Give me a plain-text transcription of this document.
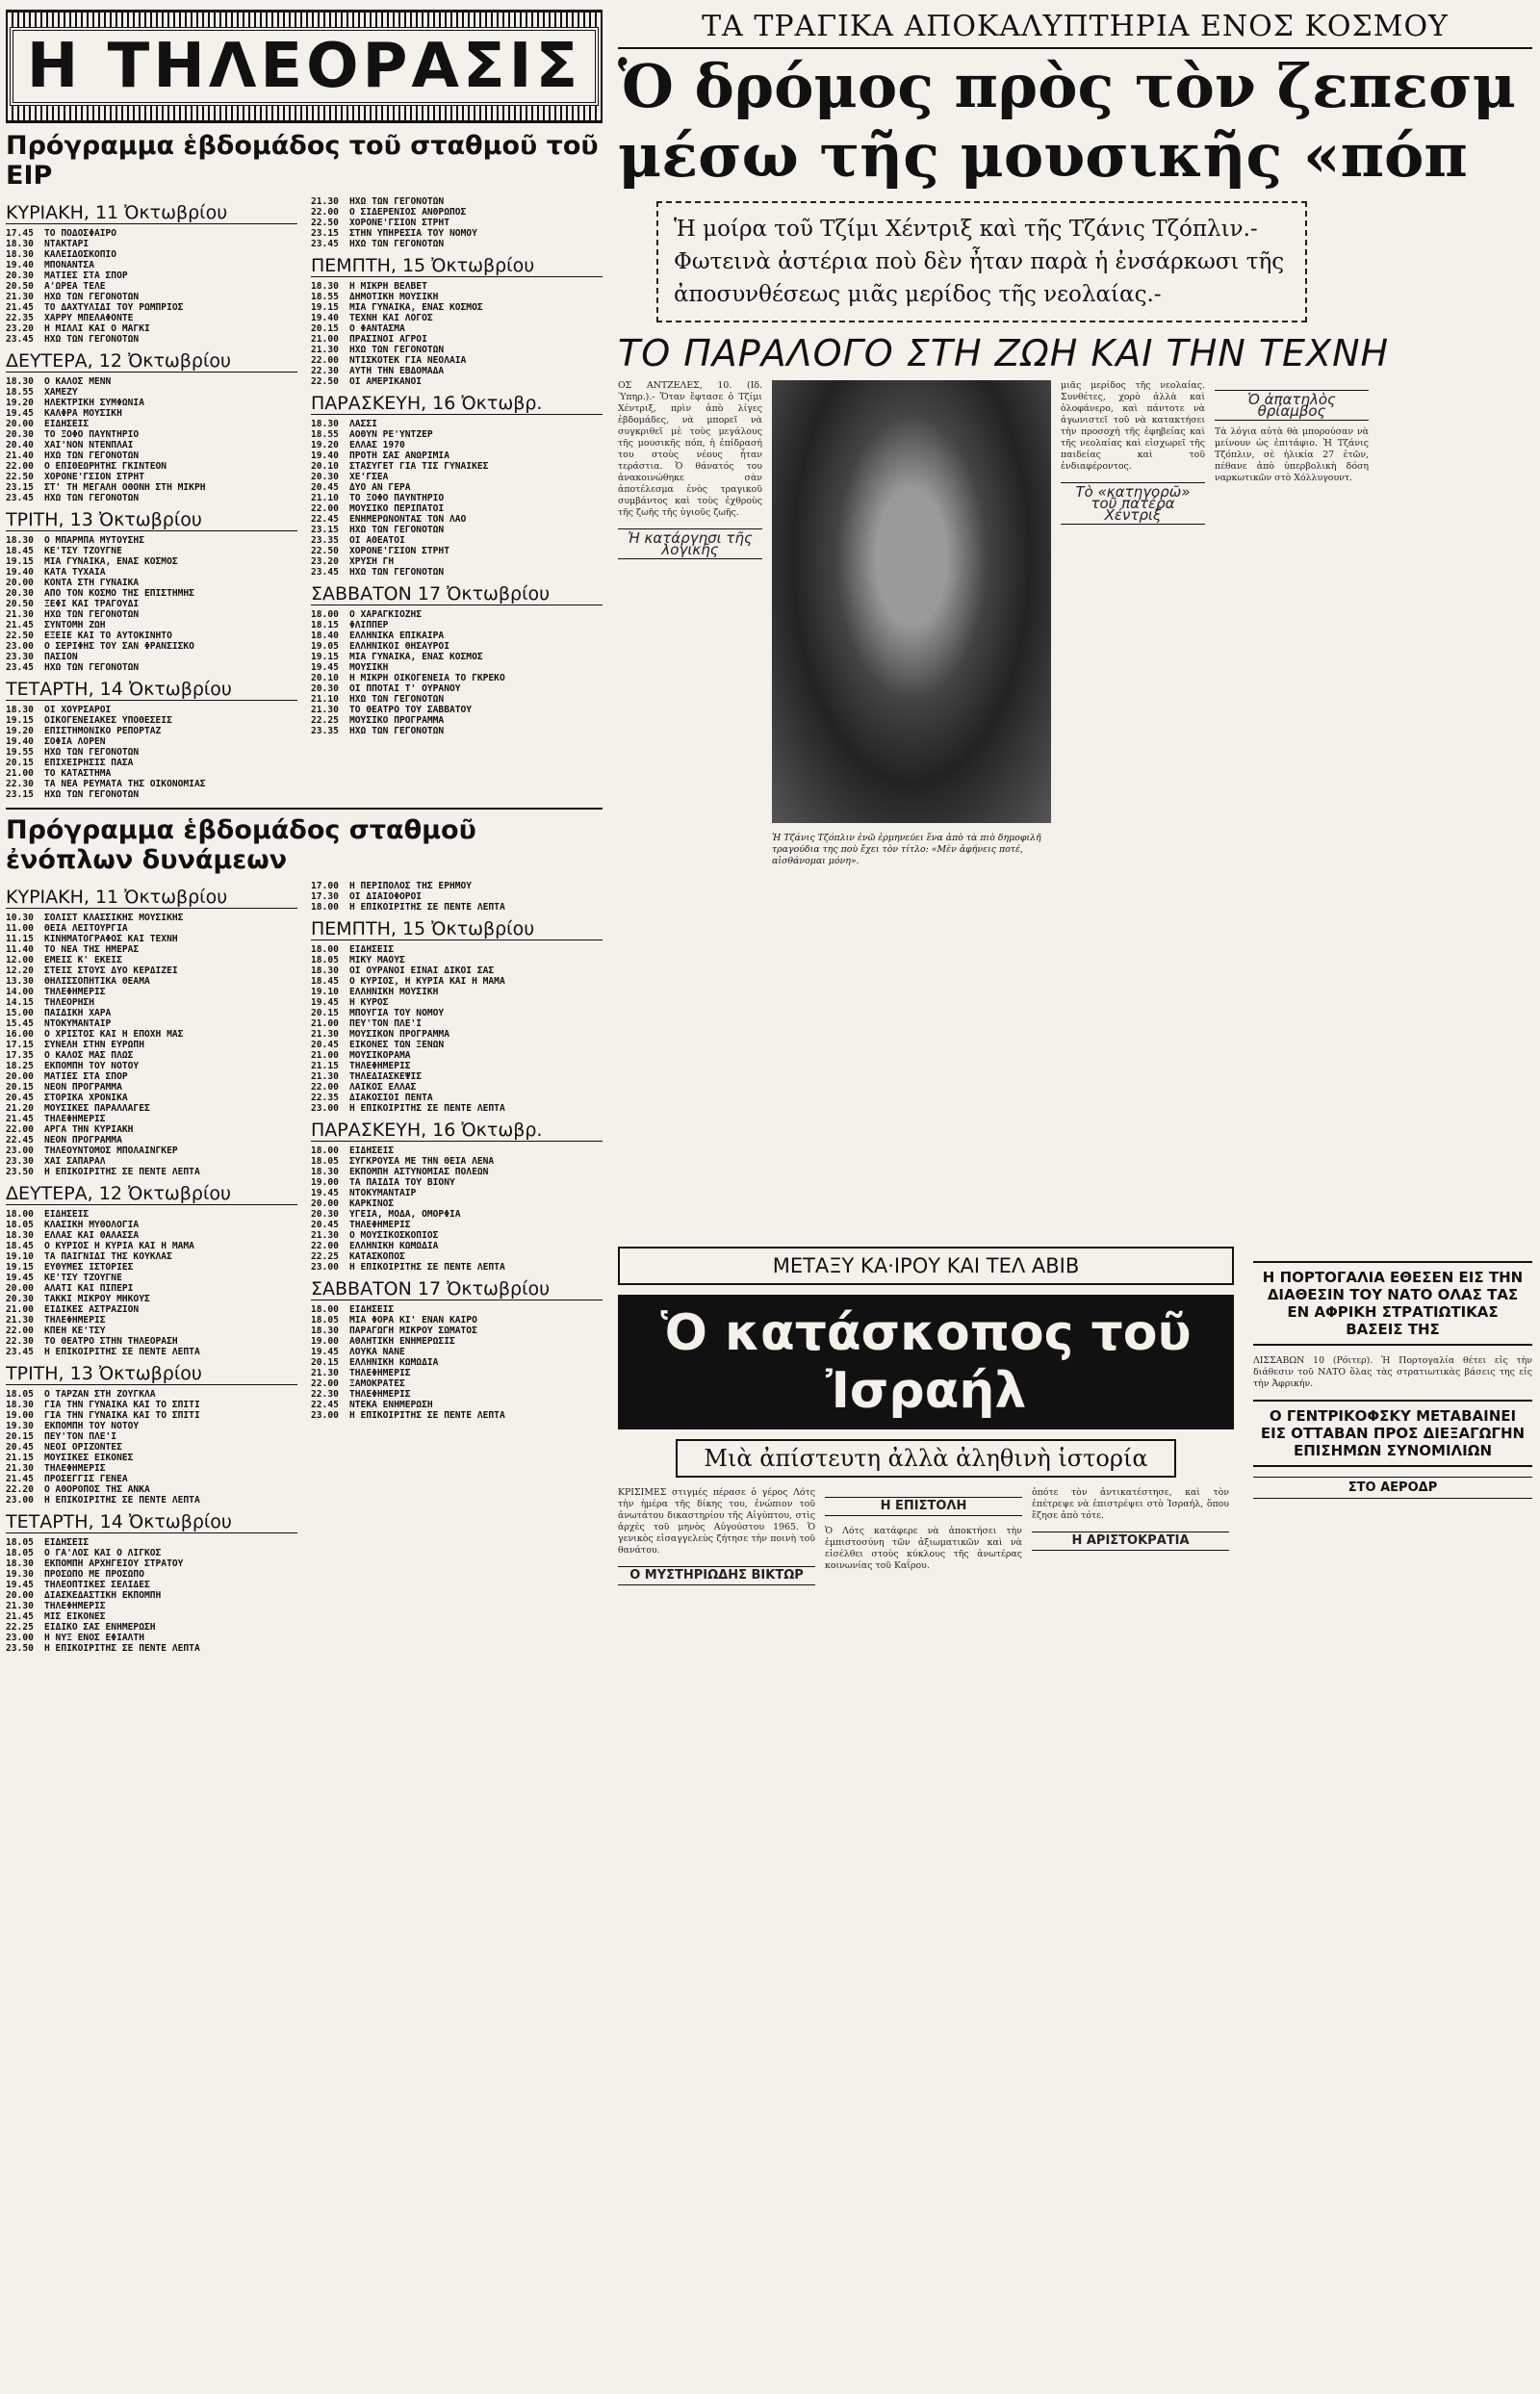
Η ΤΗΛΕΟΡΑΣΙΣ
Πρόγραμμα ἑβδομάδος τοῦ σταθμοῦ τοῦ ΕΙΡ
ΚΥΡΙΑΚΗ, 11 Ὀκτωβρίου
17.45	ΤΟ ΠΟΔΟΣΦΑΙΡΟ
18.30	ΝΤΑΚΤΑΡΙ
18.30	ΚΑΛΕΙΔΟΣΚΟΠΙΟ
19.40	ΜΠΟΝΑΝΤΣΑ
20.30	ΜΑΤΙΕΣ ΣΤΑ ΣΠΟΡ
20.50	Α'ΩΡΕΑ ΤΕΛΕ
21.30	ΗΧΩ ΤΩΝ ΓΕΓΟΝΟΤΩΝ
21.45	ΤΟ ΔΑΧΤΥΛΙΔΙ ΤΟΥ ΡΩΜΠΡΙΟΣ
22.35	ΧΑΡΡΥ ΜΠΕΛΑΦΟΝΤΕ
23.20	Η ΜΙΛΛΙ ΚΑΙ Ο ΜΑΓΚΙ
23.45	ΗΧΩ ΤΩΝ ΓΕΓΟΝΟΤΩΝ
ΔΕΥΤΕΡΑ, 12 Ὀκτωβρίου
18.30	Ο ΚΑΛΟΣ ΜΕΝΝ
18.55	ΧΑΜΕΖΥ
19.20	ΗΛΕΚΤΡΙΚΗ ΣΥΜΦΩΝΙΑ
19.45	ΚΑΛΦΡΑ ΜΟΥΣΙΚΗ
20.00	ΕΙΔΗΣΕΙΣ
20.30	ΤΟ ΞΟΦΟ ΠΑΥΝΤΗΡΙΟ
20.40	ΧΑΙ'ΝΟΝ ΝΤΕΝΠΛΑΙ
21.40	ΗΧΩ ΤΩΝ ΓΕΓΟΝΟΤΩΝ
22.00	Ο ΕΠΙΘΕΩΡΗΤΗΣ ΓΚΙΝΤΕΟΝ
22.50	ΧΟΡΟΝΕ'ΓΣΙΟΝ ΣΤΡΗΤ
23.15	ΣΤ' ΤΗ ΜΕΓΑΛΗ ΟΘΟΝΗ ΣΤΗ ΜΙΚΡΗ
23.45	ΗΧΩ ΤΩΝ ΓΕΓΟΝΟΤΩΝ
ΤΡΙΤΗ, 13 Ὀκτωβρίου
18.30	Ο ΜΠΑΡΜΠΑ ΜΥΤΟΥΣΗΣ
18.45	ΚΕ'ΤΣΥ ΤΖΟΥΓΝΕ
19.15	ΜΙΑ ΓΥΝΑΙΚΑ, ΕΝΑΣ ΚΟΣΜΟΣ
19.40	ΚΑΤΑ ΤΥΧΑΙΑ
20.00	ΚΟΝΤΑ ΣΤΗ ΓΥΝΑΙΚΑ
20.30	ΑΠΟ ΤΟΝ ΚΟΣΜΟ ΤΗΣ ΕΠΙΣΤΗΜΗΣ
20.50	ΞΕΦΙ ΚΑΙ ΤΡΑΓΟΥΔΙ
21.30	ΗΧΩ ΤΩΝ ΓΕΓΟΝΟΤΩΝ
21.45	ΣΥΝΤΟΜΗ ΖΩΗ
22.50	ΕΞΕΙΕ ΚΑΙ ΤΟ ΑΥΤΟΚΙΝΗΤΟ
23.00	Ο ΣΕΡΙΦΗΣ ΤΟΥ ΣΑΝ ΦΡΑΝΣΙΣΚΟ
23.30	ΠΑΣΙΟΝ
23.45	ΗΧΩ ΤΩΝ ΓΕΓΟΝΟΤΩΝ
ΤΕΤΑΡΤΗ, 14 Ὀκτωβρίου
18.30	ΟΙ ΧΟΥΡΣΑΡΟΙ
19.15	ΟΙΚΟΓΕΝΕΙΑΚΕΣ ΥΠΟΘΕΣΕΙΣ
19.20	ΕΠΙΣΤΗΜΟΝΙΚΟ ΡΕΠΟΡΤΑΖ
19.40	ΣΟΦΙΑ ΛΟΡΕΝ
19.55	ΗΧΩ ΤΩΝ ΓΕΓΟΝΟΤΩΝ
20.15	ΕΠΙΧΕΙΡΗΣΙΣ ΠΑΣΑ
21.00	ΤΟ ΚΑΤΑΣΤΗΜΑ
22.30	ΤΑ ΝΕΑ ΡΕΥΜΑΤΑ ΤΗΣ ΟΙΚΟΝΟΜΙΑΣ
23.15	ΗΧΩ ΤΩΝ ΓΕΓΟΝΟΤΩΝ
21.30	ΗΧΩ ΤΩΝ ΓΕΓΟΝΟΤΩΝ
22.00	Ο ΣΙΔΕΡΕΝΙΟΣ ΑΝΘΡΩΠΟΣ
22.50	ΧΟΡΟΝΕ'ΓΣΙΟΝ ΣΤΡΗΤ
23.15	ΣΤΗΝ ΥΠΗΡΕΣΙΑ ΤΟΥ ΝΟΜΟΥ
23.45	ΗΧΩ ΤΩΝ ΓΕΓΟΝΟΤΩΝ
ΠΕΜΠΤΗ, 15 Ὀκτωβρίου
18.30	Η ΜΙΚΡΗ ΒΕΛΒΕΤ
18.55	ΔΗΜΟΤΙΚΗ ΜΟΥΣΙΚΗ
19.15	ΜΙΑ ΓΥΝΑΙΚΑ, ΕΝΑΣ ΚΟΣΜΟΣ
19.40	ΤΕΧΝΗ ΚΑΙ ΛΟΓΟΣ
20.15	Ο ΦΑΝΤΑΣΜΑ
21.00	ΠΡΑΣΙΝΟΙ ΑΓΡΟΙ
21.30	ΗΧΩ ΤΩΝ ΓΕΓΟΝΟΤΩΝ
22.00	ΝΤΙΣΚΟΤΕΚ ΓΙΑ ΝΕΟΛΑΙΑ
22.30	ΑΥΤΗ ΤΗΝ ΕΒΔΟΜΑΔΑ
22.50	ΟΙ ΑΜΕΡΙΚΑΝΟΙ
ΠΑΡΑΣΚΕΥΗ, 16 Ὀκτωβρ.
18.30	ΛΑΣΣΙ
18.55	ΑΟΘΥΝ ΡΕ'ΥΝΤΖΕΡ
19.20	ΕΛΛΑΣ 1970
19.40	ΠΡΟΤΗ ΣΑΣ ΑΝΩΡΙΜΙΑ
20.10	ΣΤΑΣΥΓΕΤ ΓΙΑ ΤΙΣ ΓΥΝΑΙΚΕΣ
20.30	ΧΕ'ΓΣΕΑ
20.45	ΔΥΟ ΑΝ ΓΕΡΑ
21.10	ΤΟ ΞΟΦΟ ΠΑΥΝΤΗΡΙΟ
22.00	ΜΟΥΣΙΚΟ ΠΕΡΙΠΑΤΟΙ
22.45	ΕΝΗΜΕΡΩΝΟΝΤΑΣ ΤΟΝ ΛΑΟ
23.15	ΗΧΩ ΤΩΝ ΓΕΓΟΝΟΤΩΝ
23.35	ΟΙ ΑΘΕΑΤΟΙ
22.50	ΧΟΡΟΝΕ'ΓΣΙΟΝ ΣΤΡΗΤ
23.20	ΧΡΥΣΗ ΓΗ
23.45	ΗΧΩ ΤΩΝ ΓΕΓΟΝΟΤΩΝ
ΣΑΒΒΑΤΟΝ 17 Ὀκτωβρίου
18.00	Ο ΧΑΡΑΓΚΙΟΖΗΣ
18.15	ΦΛΙΠΠΕΡ
18.40	ΕΛΛΗΝΙΚΑ ΕΠΙΚΑΙΡΑ
19.05	ΕΛΛΗΝΙΚΟΙ ΘΗΣΑΥΡΟΙ
19.15	ΜΙΑ ΓΥΝΑΙΚΑ, ΕΝΑΣ ΚΟΣΜΟΣ
19.45	ΜΟΥΣΙΚΗ
20.10	Η ΜΙΚΡΗ ΟΙΚΟΓΕΝΕΙΑ ΤΟ ΓΚΡΕΚΟ
20.30	ΟΙ ΠΠΟΤΑΙ Τ' ΟΥΡΑΝΟΥ
21.10	ΗΧΩ ΤΩΝ ΓΕΓΟΝΟΤΩΝ
21.30	ΤΟ ΘΕΑΤΡΟ ΤΟΥ ΣΑΒΒΑΤΟΥ
22.25	ΜΟΥΣΙΚΟ ΠΡΟΓΡΑΜΜΑ
23.35	ΗΧΩ ΤΩΝ ΓΕΓΟΝΟΤΩΝ
Πρόγραμμα ἑβδομάδος σταθμοῦ ἐνόπλων δυνάμεων
ΚΥΡΙΑΚΗ, 11 Ὀκτωβρίου
10.30	ΣΟΛΙΣΤ ΚΛΑΣΣΙΚΗΣ ΜΟΥΣΙΚΗΣ
11.00	ΘΕΙΑ ΛΕΙΤΟΥΡΓΙΑ
11.15	ΚΙΝΗΜΑΤΟΓΡΑΦΟΣ ΚΑΙ ΤΕΧΝΗ
11.40	ΤΟ ΝΕΑ ΤΗΣ ΗΜΕΡΑΣ
12.00	ΕΜΕΙΣ Κ' ΕΚΕΙΣ
12.20	ΣΤΕΙΣ ΣΤΟΥΣ ΔΥΟ ΚΕΡΔΙΖΕΙ
13.30	ΘΗΛΙΣΣΟΠΗΤΙΚΑ ΘΕΑΜΑ
14.00	ΤΗΛΕΦΗΜΕΡΙΣ
14.15	ΤΗΛΕΟΡΗΣΗ
15.00	ΠΑΙΔΙΚΗ ΧΑΡΑ
15.45	ΝΤΟΚΥΜΑΝΤΑΙΡ
16.00	Ο ΧΡΙΣΤΟΣ ΚΑΙ Η ΕΠΟΧΗ ΜΑΣ
17.15	ΣΥΝΕΛΗ ΣΤΗΝ ΕΥΡΩΠΗ
17.35	Ο ΚΑΛΟΣ ΜΑΣ ΠΛΩΣ
18.25	ΕΚΠΟΜΠΗ ΤΟΥ ΝΟΤΟΥ
20.00	ΜΑΤΙΕΣ ΣΤΑ ΣΠΟΡ
20.15	ΝΕΟΝ ΠΡΟΓΡΑΜΜΑ
20.45	ΣΤΟΡΙΚΑ ΧΡΟΝΙΚΑ
21.20	ΜΟΥΣΙΚΕΣ ΠΑΡΑΛΛΑΓΕΣ
21.45	ΤΗΛΕΦΗΜΕΡΙΣ
22.00	ΑΡΓΑ ΤΗΝ ΚΥΡΙΑΚΗ
22.45	ΝΕΟΝ ΠΡΟΓΡΑΜΜΑ
23.00	ΤΗΛΕΟΥΝΤΟΜΟΣ ΜΠΟΛΑΙΝΓΚΕΡ
23.30	ΧΑΙ ΣΑΠΑΡΑΛ
23.50	Η ΕΠΙΚΟΙΡΙΤΗΣ ΣΕ ΠΕΝΤΕ ΛΕΠΤΑ
ΔΕΥΤΕΡΑ, 12 Ὀκτωβρίου
18.00	ΕΙΔΗΣΕΙΣ
18.05	ΚΛΑΣΙΚΗ ΜΥΘΟΛΟΓΙΑ
18.30	ΕΛΛΑΣ ΚΑΙ ΘΑΛΑΣΣΑ
18.45	Ο ΚΥΡΙΟΣ Η ΚΥΡΙΑ ΚΑΙ Η ΜΑΜΑ
19.10	ΤΑ ΠΑΙΓΝΙΔΙ ΤΗΣ ΚΟΥΚΛΑΣ
19.15	ΕΥΘΥΜΕΣ ΙΣΤΟΡΙΕΣ
19.45	ΚΕ'ΤΣΥ ΤΖΟΥΓΝΕ
20.00	ΑΛΑΤΙ ΚΑΙ ΠΙΠΕΡΙ
20.30	ΤΑΚΚΙ ΜΙΚΡΟΥ ΜΗΚΟΥΣ
21.00	ΕΙΔΙΚΕΣ ΑΣΤΡΑΖΙΟΝ
21.30	ΤΗΛΕΦΗΜΕΡΙΣ
22.00	ΚΠΕΗ ΚΕ'ΤΣΥ
22.30	ΤΟ ΘΕΑΤΡΟ ΣΤΗΝ ΤΗΛΕΟΡΑΣΗ
23.45	Η ΕΠΙΚΟΙΡΙΤΗΣ ΣΕ ΠΕΝΤΕ ΛΕΠΤΑ
ΤΡΙΤΗ, 13 Ὀκτωβρίου
18.05	Ο ΤΑΡΖΑΝ ΣΤΗ ΖΟΥΓΚΛΑ
18.30	ΓΙΑ ΤΗΝ ΓΥΝΑΙΚΑ ΚΑΙ ΤΟ ΣΠΙΤΙ
19.00	ΓΙΑ ΤΗΝ ΓΥΝΑΙΚΑ ΚΑΙ ΤΟ ΣΠΙΤΙ
19.30	ΕΚΠΟΜΠΗ ΤΟΥ ΝΟΤΟΥ
20.15	ΠΕΥ'ΤΟΝ ΠΛΕ'Ι
20.45	ΝΕΟΙ ΟΡΙΖΟΝΤΕΣ
21.15	ΜΟΥΣΙΚΕΣ ΕΙΚΟΝΕΣ
21.30	ΤΗΛΕΦΗΜΕΡΙΣ
21.45	ΠΡΟΣΕΓΓΙΣ ΓΕΝΕΑ
22.20	Ο ΑΘΟΡΟΠΟΣ ΤΗΣ ΑΝΚΑ
23.00	Η ΕΠΙΚΟΙΡΙΤΗΣ ΣΕ ΠΕΝΤΕ ΛΕΠΤΑ
ΤΕΤΑΡΤΗ, 14 Ὀκτωβρίου
18.05	ΕΙΔΗΣΕΙΣ
18.05	Ο ΓΑ'ΛΟΣ ΚΑΙ Ο ΛΙΓΚΟΣ
18.30	ΕΚΠΟΜΠΗ ΑΡΧΗΓΕΙΟΥ ΣΤΡΑΤΟΥ
19.30	ΠΡΟΣΩΠΟ ΜΕ ΠΡΟΣΩΠΟ
19.45	ΤΗΛΕΟΠΤΙΚΕΣ ΣΕΛΙΔΕΣ
20.00	ΔΙΑΣΚΕΔΑΣΤΙΚΗ ΕΚΠΟΜΠΗ
21.30	ΤΗΛΕΦΗΜΕΡΙΣ
21.45	ΜΙΣ ΕΙΚΟΝΕΣ
22.25	ΕΙΔΙΚΟ ΣΑΣ ΕΝΗΜΕΡΩΣΗ
23.00	Η ΝΥΞ ΕΝΟΣ ΕΦΙΑΛΤΗ
23.50	Η ΕΠΙΚΟΙΡΙΤΗΣ ΣΕ ΠΕΝΤΕ ΛΕΠΤΑ
17.00	Η ΠΕΡΙΠΟΛΟΣ ΤΗΣ ΕΡΗΜΟΥ
17.30	ΟΙ ΔΙΑΙΟΦΟΡΟΙ
18.00	Η ΕΠΙΚΟΙΡΙΤΗΣ ΣΕ ΠΕΝΤΕ ΛΕΠΤΑ
ΠΕΜΠΤΗ, 15 Ὀκτωβρίου
18.00	ΕΙΔΗΣΕΙΣ
18.05	ΜΙΚΥ ΜΑΟΥΣ
18.30	ΟΙ ΟΥΡΑΝΟΙ ΕΙΝΑΙ ΔΙΚΟΙ ΣΑΣ
18.45	Ο ΚΥΡΙΟΣ, Η ΚΥΡΙΑ ΚΑΙ Η ΜΑΜΑ
19.10	ΕΛΛΗΝΙΚΗ ΜΟΥΣΙΚΗ
19.45	Η ΚΥΡΟΣ
20.15	ΜΠΟΥΓΙΑ ΤΟΥ ΝΟΜΟΥ
21.00	ΠΕΥ'ΤΟΝ ΠΛΕ'Ι
21.30	ΜΟΥΣΙΚΟΝ ΠΡΟΓΡΑΜΜΑ
20.45	ΕΙΚΟΝΕΣ ΤΩΝ ΞΕΝΩΝ
21.00	ΜΟΥΣΙΚΟΡΑΜΑ
21.15	ΤΗΛΕΦΗΜΕΡΙΣ
21.30	ΤΗΛΕΔΙΑΣΚΕΨΙΣ
22.00	ΛΑΙΚΟΣ ΕΛΛΑΣ
22.35	ΔΙΑΚΟΣΙΟΙ ΠΕΝΤΑ
23.00	Η ΕΠΙΚΟΙΡΙΤΗΣ ΣΕ ΠΕΝΤΕ ΛΕΠΤΑ
ΠΑΡΑΣΚΕΥΗ, 16 Ὀκτωβρ.
18.00	ΕΙΔΗΣΕΙΣ
18.05	ΣΥΓΚΡΟΥΣΑ ΜΕ ΤΗΝ ΘΕΙΑ ΛΕΝΑ
18.30	ΕΚΠΟΜΠΗ ΑΣΤΥΝΟΜΙΑΣ ΠΟΛΕΩΝ
19.00	ΤΑ ΠΑΙΔΙΑ ΤΟΥ ΒΙΟΝΥ
19.45	ΝΤΟΚΥΜΑΝΤΑΙΡ
20.00	ΚΑΡΚΙΝΟΣ
20.30	ΥΓΕΙΑ, ΜΟΔΑ, ΟΜΟΡΦΙΑ
20.45	ΤΗΛΕΦΗΜΕΡΙΣ
21.30	Ο ΜΟΥΣΙΚΟΣΚΟΠΙΟΣ
22.00	ΕΛΛΗΝΙΚΗ ΚΩΜΩΔΙΑ
22.25	ΚΑΤΑΣΚΟΠΟΣ
23.00	Η ΕΠΙΚΟΙΡΙΤΗΣ ΣΕ ΠΕΝΤΕ ΛΕΠΤΑ
ΣΑΒΒΑΤΟΝ 17 Ὀκτωβρίου
18.00	ΕΙΔΗΣΕΙΣ
18.05	ΜΙΑ ΦΟΡΑ ΚΙ' ΕΝΑΝ ΚΑΙΡΟ
18.30	ΠΑΡΑΓΩΓΗ ΜΙΚΡΟΥ ΣΩΜΑΤΟΣ
19.00	ΑΘΛΗΤΙΚΗ ΕΝΗΜΕΡΩΣΙΣ
19.45	ΛΟΥΚΑ ΝΑΝΕ
20.15	ΕΛΛΗΝΙΚΗ ΚΩΜΩΔΙΑ
21.30	ΤΗΛΕΦΗΜΕΡΙΣ
22.00	ΞΑΜΟΚΡΑΤΕΣ
22.30	ΤΗΛΕΦΗΜΕΡΙΣ
22.45	ΝΤΕΚΑ ΕΝΗΜΕΡΩΣΗ
23.00	Η ΕΠΙΚΟΙΡΙΤΗΣ ΣΕ ΠΕΝΤΕ ΛΕΠΤΑ
ΤΑ ΤΡΑΓΙΚΑ ΑΠΟΚΑΛΥΠΤΗΡΙΑ ΕΝΟΣ ΚΟΣΜΟΥ
Ὁ δρόμος πρὸς τὸν ζεπεσμ
μέσω τῆς μουσικῆς «πόπ
Ἡ μοίρα τοῦ Τζίμι Χέντριξ καὶ τῆς Τζάνις Τζόπλιν.- Φωτεινὰ ἀστέρια ποὺ δὲν ἦταν παρὰ ἡ ἐνσάρκωσι τῆς ἀποσυνθέσεως μιᾶς μερίδος τῆς νεολαίας.-
ΤΟ ΠΑΡΑΛΟΓΟ ΣΤΗ ΖΩΗ ΚΑΙ ΤΗΝ ΤΕΧΝΗ
ΟΣ ΑΝΤΖΕΛΕΣ, 10. (Ιδ. Ύπηρ.).- Ὅταν ἔφτασε ὁ Τζίμι Χέντριξ, πρὶν ἀπὸ λίγες ἑβδομάδες, νὰ μπορεῖ νὰ συγκριθεῖ μὲ τοὺς μεγάλους τῆς μουσικῆς πόπ, ἡ ἐπίδρασή του στοὺς νέους ἦταν τεράστια. Ὁ θάνατός του ἀνακοινώθηκε σὰν ἀποτέλεσμα ἐνὸς τραγικοῦ συμβάντος καὶ τοὺς ἐχθροὺς τῆς ζωῆς τῆς ὑγιοῦς ζωῆς.
Ἡ κατάργησι τῆς λογικῆς
Ἡ Τζάνις Τζόπλιν ἐνῶ ἑρμηνεύει ἕνα ἀπὸ τὰ πιὸ δημοφιλῆ τραγούδια της ποὺ ἔχει τὸν τίτλο: «Μὲν ἀφήνεις ποτέ, αἰσθάνομαι μόνη».
μιᾶς μερίδος τῆς νεολαίας. Συνθέτες, χορὸ ἀλλὰ καὶ ὁλοφάνερο, καὶ πάντοτε νὰ ἀγωνιστεῖ τοῦ νὰ κατακτήσει τὴν προσοχὴ τῆς ἐφηβείας καὶ τῆς νεολαίας καὶ εἰσχωρεῖ τῆς παιδείας καὶ τοῦ ἐνδιαφέροντος.
Τὸ «κατηγορῶ» τοῦ πατέρα Χέντριξ
Ὁ ἀπατηλὸς θρίαμβος
Τὰ λόγια αὐτὰ θὰ μπορούσαν νὰ μείνουν ὡς ἐπιτάφιο. Ἡ Τζάνις Τζόπλιν, σὲ ἡλικία 27 ἐτῶν, πέθανε ἀπὸ ὑπερβολικὴ δόση ναρκωτικῶν στὸ Χόλλυγουντ.
ΜΕΤΑΞΥ ΚΑ·ΙΡΟΥ ΚΑΙ ΤΕΛ ΑΒΙΒ
Ὁ κατάσκοπος τοῦ Ἰσραήλ
Μιὰ ἀπίστευτη ἀλλὰ ἀληθινὴ ἱστορία
ΚΡΙΣΙΜΕΣ στιγμές πέρασε ὁ γέρος Λότς τὴν ἡμέρα τῆς δίκης του, ἐνώπιον τοῦ ἀνωτάτου δικαστηρίου τῆς Αἰγύπτου, στὶς ἀρχὲς τοῦ μηνὸς Αὐγούστου 1965. Ὁ γενικὸς εἰσαγγελεὺς ζήτησε τὴν ποινὴ τοῦ θανάτου.
Ο ΜΥΣΤΗΡΙΩΔΗΣ ΒΙΚΤΩΡ
Η ΕΠΙΣΤΟΛΗ
Ὁ Λότς κατάφερε νὰ ἀποκτήσει τὴν ἐμπιστοσύνη τῶν ἀξιωματικῶν καὶ νὰ εἰσέλθει στοὺς κύκλους τῆς ἀνωτέρας κοινωνίας τοῦ Καΐρου.
ὁπότε τὸν ἀντικατέστησε, καὶ τὸν ἐπέτρεψε νὰ ἐπιστρέψει στὸ Ἰσραήλ, ὅπου ἔζησε ἀπὸ τότε.
Η ΑΡΙΣΤΟΚΡΑΤΙΑ
Η ΠΟΡΤΟΓΑΛΙΑ ΕΘΕΣΕΝ ΕΙΣ ΤΗΝ ΔΙΑΘΕΣΙΝ ΤΟΥ ΝΑΤΟ ΟΛΑΣ ΤΑΣ ΕΝ ΑΦΡΙΚΗ ΣΤΡΑΤΙΩΤΙΚΑΣ ΒΑΣΕΙΣ ΤΗΣ
ΛΙΣΣΑΒΩΝ 10 (Ρόιτερ). Ἡ Πορτογαλία θέτει εἰς τὴν διάθεσιν τοῦ ΝΑΤΟ ὅλας τὰς στρατιωτικὰς βάσεις της εἰς τὴν Ἀφρικήν.
Ο ΓΕΝΤΡΙΚΟΦΣΚΥ ΜΕΤΑΒΑΙΝΕΙ ΕΙΣ ΟΤΤΑΒΑΝ ΠΡΟΣ ΔΙΕΞΑΓΩΓΗΝ ΕΠΙΣΗΜΩΝ ΣΥΝΟΜΙΛΙΩΝ
ΣΤΟ ΑΕΡΟΔΡ
